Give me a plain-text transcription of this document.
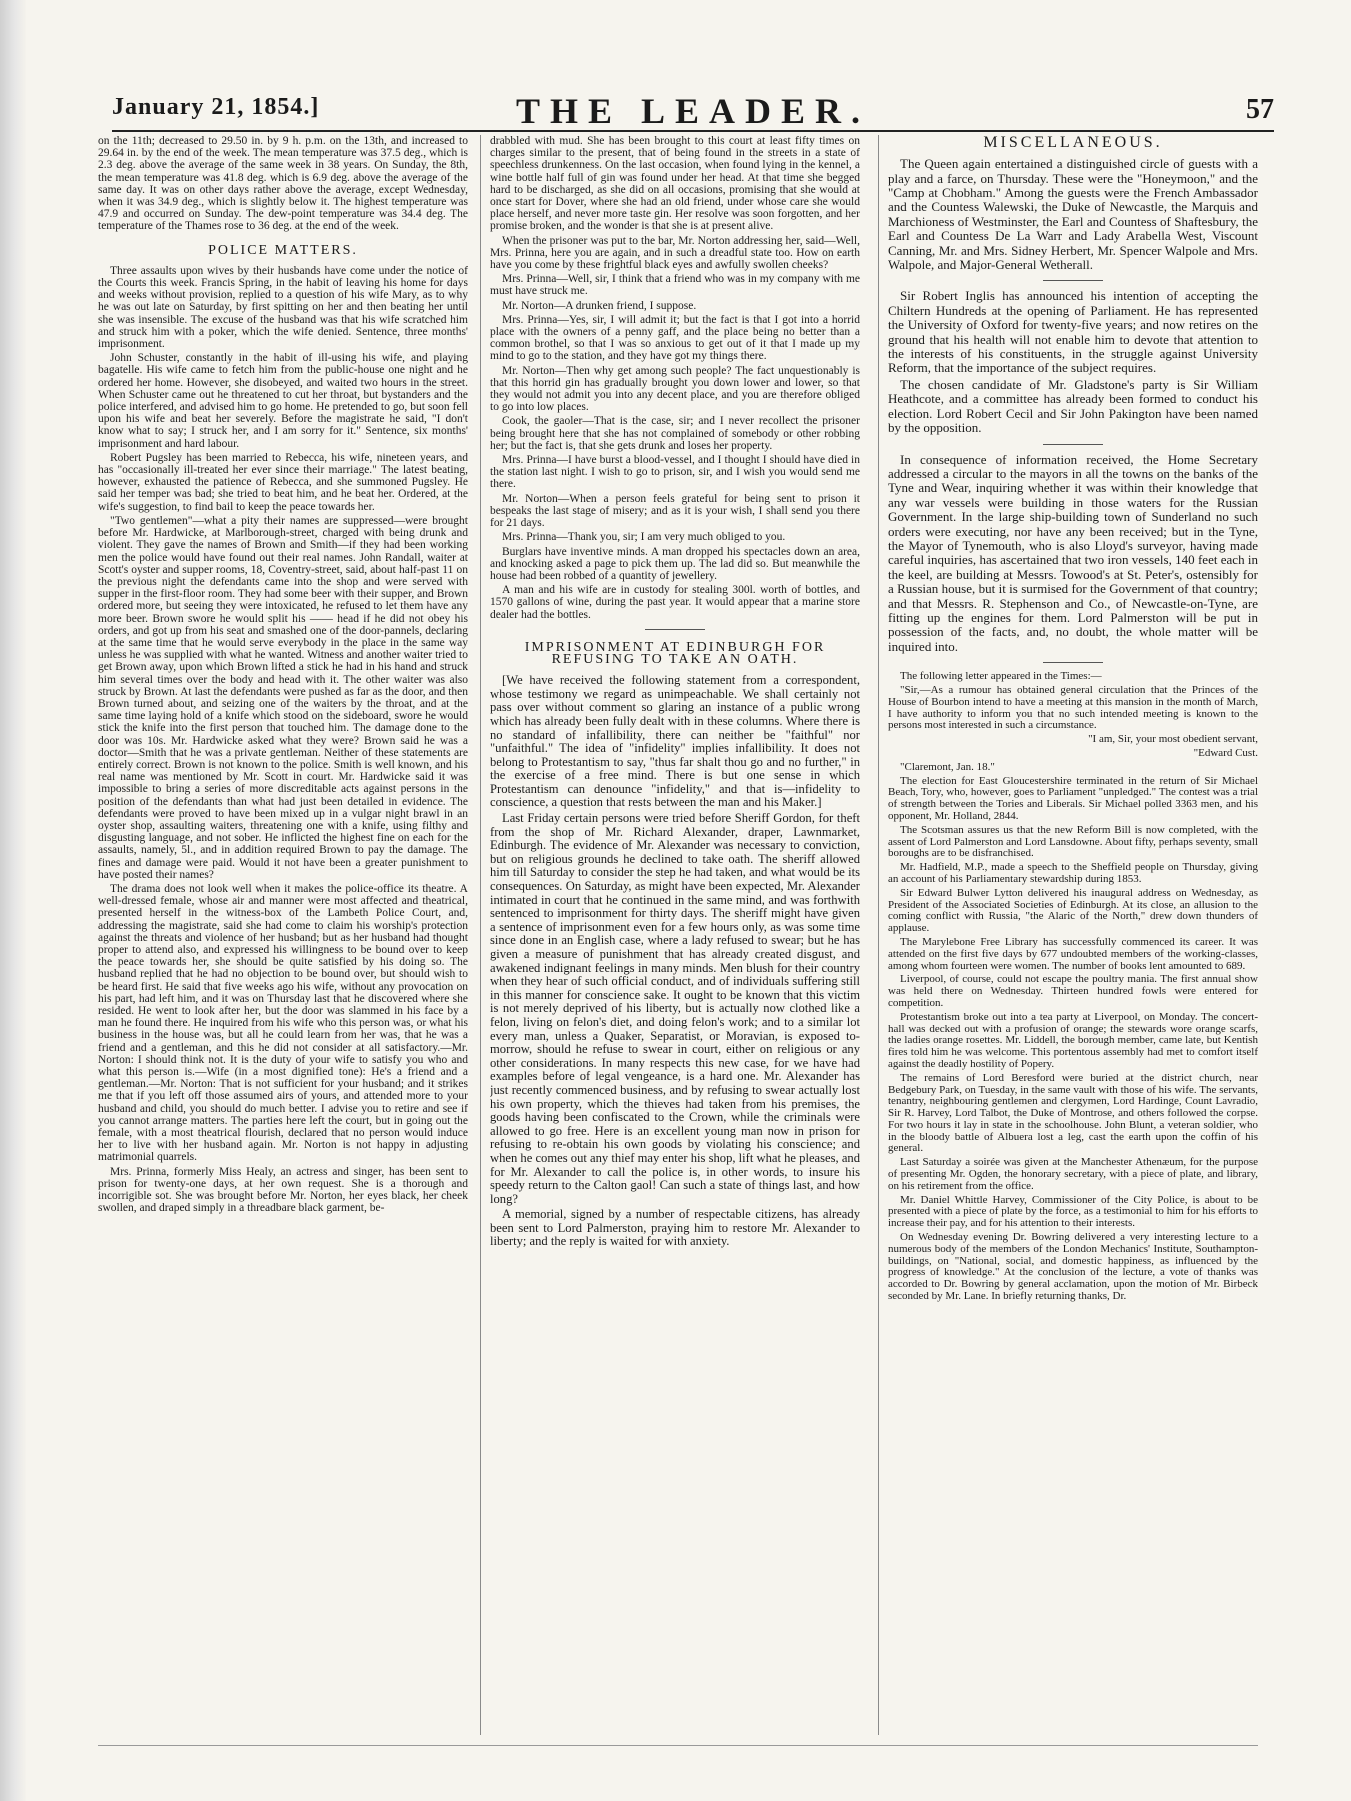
January 21, 1854.]	THE LEADER.	57

on the 11th; decreased to 29.50 in. by 9 h. p.m. on the 13th, and increased to 29.64 in. by the end of the week. The mean temperature was 37.5 deg., which is 2.3 deg. above the average of the same week in 38 years. On Sunday, the 8th, the mean temperature was 41.8 deg. which is 6.9 deg. above the average of the same day. It was on other days rather above the average, except Wednesday, when it was 34.9 deg., which is slightly below it. The highest temperature was 47.9 and occurred on Sunday. The dew-point temperature was 34.4 deg. The temperature of the Thames rose to 36 deg. at the end of the week.

POLICE MATTERS.

Three assaults upon wives by their husbands have come under the notice of the Courts this week. Francis Spring, in the habit of leaving his home for days and weeks without provision, replied to a question of his wife Mary, as to why he was out late on Saturday, by first spitting on her and then beating her until she was insensible. The excuse of the husband was that his wife scratched him and struck him with a poker, which the wife denied. Sentence, three months' imprisonment.

John Schuster, constantly in the habit of ill-using his wife, and playing bagatelle. His wife came to fetch him from the public-house one night and he ordered her home. However, she disobeyed, and waited two hours in the street. When Schuster came out he threatened to cut her throat, but bystanders and the police interfered, and advised him to go home. He pretended to go, but soon fell upon his wife and beat her severely. Before the magistrate he said, "I don't know what to say; I struck her, and I am sorry for it." Sentence, six months' imprisonment and hard labour.

Robert Pugsley has been married to Rebecca, his wife, nineteen years, and has "occasionally ill-treated her ever since their marriage." The latest beating, however, exhausted the patience of Rebecca, and she summoned Pugsley. He said her temper was bad; she tried to beat him, and he beat her. Ordered, at the wife's suggestion, to find bail to keep the peace towards her.

"Two gentlemen"—what a pity their names are suppressed—were brought before Mr. Hardwicke, at Marlborough-street, charged with being drunk and violent. They gave the names of Brown and Smith—if they had been working men the police would have found out their real names. John Randall, waiter at Scott's oyster and supper rooms, 18, Coventry-street, said, about half-past 11 on the previous night the defendants came into the shop and were served with supper in the first-floor room. They had some beer with their supper, and Brown ordered more, but seeing they were intoxicated, he refused to let them have any more beer. Brown swore he would split his —— head if he did not obey his orders, and got up from his seat and smashed one of the door-pannels, declaring at the same time that he would serve everybody in the place in the same way unless he was supplied with what he wanted. Witness and another waiter tried to get Brown away, upon which Brown lifted a stick he had in his hand and struck him several times over the body and head with it. The other waiter was also struck by Brown. At last the defendants were pushed as far as the door, and then Brown turned about, and seizing one of the waiters by the throat, and at the same time laying hold of a knife which stood on the sideboard, swore he would stick the knife into the first person that touched him. The damage done to the door was 10s. Mr. Hardwicke asked what they were? Brown said he was a doctor—Smith that he was a private gentleman. Neither of these statements are entirely correct. Brown is not known to the police. Smith is well known, and his real name was mentioned by Mr. Scott in court. Mr. Hardwicke said it was impossible to bring a series of more discreditable acts against persons in the position of the defendants than what had just been detailed in evidence. The defendants were proved to have been mixed up in a vulgar night brawl in an oyster shop, assaulting waiters, threatening one with a knife, using filthy and disgusting language, and not sober. He inflicted the highest fine on each for the assaults, namely, 5l., and in addition required Brown to pay the damage. The fines and damage were paid. Would it not have been a greater punishment to have posted their names?

The drama does not look well when it makes the police-office its theatre. A well-dressed female, whose air and manner were most affected and theatrical, presented herself in the witness-box of the Lambeth Police Court, and, addressing the magistrate, said she had come to claim his worship's protection against the threats and violence of her husband; but as her husband had thought proper to attend also, and expressed his willingness to be bound over to keep the peace towards her, she should be quite satisfied by his doing so. The husband replied that he had no objection to be bound over, but should wish to be heard first. He said that five weeks ago his wife, without any provocation on his part, had left him, and it was on Thursday last that he discovered where she resided. He went to look after her, but the door was slammed in his face by a man he found there. He inquired from his wife who this person was, or what his business in the house was, but all he could learn from her was, that he was a friend and a gentleman, and this he did not consider at all satisfactory.—Mr. Norton: I should think not. It is the duty of your wife to satisfy you who and what this person is.—Wife (in a most dignified tone): He's a friend and a gentleman.—Mr. Norton: That is not sufficient for your husband; and it strikes me that if you left off those assumed airs of yours, and attended more to your husband and child, you should do much better. I advise you to retire and see if you cannot arrange matters. The parties here left the court, but in going out the female, with a most theatrical flourish, declared that no person would induce her to live with her husband again. Mr. Norton is not happy in adjusting matrimonial quarrels.

Mrs. Prinna, formerly Miss Healy, an actress and singer, has been sent to prison for twenty-one days, at her own request. She is a thorough and incorrigible sot. She was brought before Mr. Norton, her eyes black, her cheek swollen, and draped simply in a threadbare black garment, be-

drabbled with mud. She has been brought to this court at least fifty times on charges similar to the present, that of being found in the streets in a state of speechless drunkenness. On the last occasion, when found lying in the kennel, a wine bottle half full of gin was found under her head. At that time she begged hard to be discharged, as she did on all occasions, promising that she would at once start for Dover, where she had an old friend, under whose care she would place herself, and never more taste gin. Her resolve was soon forgotten, and her promise broken, and the wonder is that she is at present alive.

When the prisoner was put to the bar, Mr. Norton addressing her, said—Well, Mrs. Prinna, here you are again, and in such a dreadful state too. How on earth have you come by these frightful black eyes and awfully swollen cheeks?

Mrs. Prinna—Well, sir, I think that a friend who was in my company with me must have struck me.

Mr. Norton—A drunken friend, I suppose.

Mrs. Prinna—Yes, sir, I will admit it; but the fact is that I got into a horrid place with the owners of a penny gaff, and the place being no better than a common brothel, so that I was so anxious to get out of it that I made up my mind to go to the station, and they have got my things there.

Mr. Norton—Then why get among such people? The fact unquestionably is that this horrid gin has gradually brought you down lower and lower, so that they would not admit you into any decent place, and you are therefore obliged to go into low places.

Cook, the gaoler—That is the case, sir; and I never recollect the prisoner being brought here that she has not complained of somebody or other robbing her; but the fact is, that she gets drunk and loses her property.

Mrs. Prinna—I have burst a blood-vessel, and I thought I should have died in the station last night. I wish to go to prison, sir, and I wish you would send me there.

Mr. Norton—When a person feels grateful for being sent to prison it bespeaks the last stage of misery; and as it is your wish, I shall send you there for 21 days.

Mrs. Prinna—Thank you, sir; I am very much obliged to you.

Burglars have inventive minds. A man dropped his spectacles down an area, and knocking asked a page to pick them up. The lad did so. But meanwhile the house had been robbed of a quantity of jewellery.

A man and his wife are in custody for stealing 300l. worth of bottles, and 1570 gallons of wine, during the past year. It would appear that a marine store dealer had the bottles.

IMPRISONMENT AT EDINBURGH FOR REFUSING TO TAKE AN OATH.

[We have received the following statement from a correspondent, whose testimony we regard as unimpeachable. We shall certainly not pass over without comment so glaring an instance of a public wrong which has already been fully dealt with in these columns. Where there is no standard of infallibility, there can neither be "faithful" nor "unfaithful." The idea of "infidelity" implies infallibility. It does not belong to Protestantism to say, "thus far shalt thou go and no further," in the exercise of a free mind. There is but one sense in which Protestantism can denounce "infidelity," and that is—infidelity to conscience, a question that rests between the man and his Maker.]

Last Friday certain persons were tried before Sheriff Gordon, for theft from the shop of Mr. Richard Alexander, draper, Lawnmarket, Edinburgh. The evidence of Mr. Alexander was necessary to conviction, but on religious grounds he declined to take oath. The sheriff allowed him till Saturday to consider the step he had taken, and what would be its consequences. On Saturday, as might have been expected, Mr. Alexander intimated in court that he continued in the same mind, and was forthwith sentenced to imprisonment for thirty days. The sheriff might have given a sentence of imprisonment even for a few hours only, as was some time since done in an English case, where a lady refused to swear; but he has given a measure of punishment that has already created disgust, and awakened indignant feelings in many minds. Men blush for their country when they hear of such official conduct, and of individuals suffering still in this manner for conscience sake. It ought to be known that this victim is not merely deprived of his liberty, but is actually now clothed like a felon, living on felon's diet, and doing felon's work; and to a similar lot every man, unless a Quaker, Separatist, or Moravian, is exposed to-morrow, should he refuse to swear in court, either on religious or any other considerations. In many respects this new case, for we have had examples before of legal vengeance, is a hard one. Mr. Alexander has just recently commenced business, and by refusing to swear actually lost his own property, which the thieves had taken from his premises, the goods having been confiscated to the Crown, while the criminals were allowed to go free. Here is an excellent young man now in prison for refusing to re-obtain his own goods by violating his conscience; and when he comes out any thief may enter his shop, lift what he pleases, and for Mr. Alexander to call the police is, in other words, to insure his speedy return to the Calton gaol! Can such a state of things last, and how long?

A memorial, signed by a number of respectable citizens, has already been sent to Lord Palmerston, praying him to restore Mr. Alexander to liberty; and the reply is waited for with anxiety.

MISCELLANEOUS.

The Queen again entertained a distinguished circle of guests with a play and a farce, on Thursday. These were the "Honeymoon," and the "Camp at Chobham." Among the guests were the French Ambassador and the Countess Walewski, the Duke of Newcastle, the Marquis and Marchioness of Westminster, the Earl and Countess of Shaftesbury, the Earl and Countess De La Warr and Lady Arabella West, Viscount Canning, Mr. and Mrs. Sidney Herbert, Mr. Spencer Walpole and Mrs. Walpole, and Major-General Wetherall.

Sir Robert Inglis has announced his intention of accepting the Chiltern Hundreds at the opening of Parliament. He has represented the University of Oxford for twenty-five years; and now retires on the ground that his health will not enable him to devote that attention to the interests of his constituents, in the struggle against University Reform, that the importance of the subject requires.

The chosen candidate of Mr. Gladstone's party is Sir William Heathcote, and a committee has already been formed to conduct his election. Lord Robert Cecil and Sir John Pakington have been named by the opposition.

In consequence of information received, the Home Secretary addressed a circular to the mayors in all the towns on the banks of the Tyne and Wear, inquiring whether it was within their knowledge that any war vessels were building in those waters for the Russian Government. In the large ship-building town of Sunderland no such orders were executing, nor have any been received; but in the Tyne, the Mayor of Tynemouth, who is also Lloyd's surveyor, having made careful inquiries, has ascertained that two iron vessels, 140 feet each in the keel, are building at Messrs. Towood's at St. Peter's, ostensibly for a Russian house, but it is surmised for the Government of that country; and that Messrs. R. Stephenson and Co., of Newcastle-on-Tyne, are fitting up the engines for them. Lord Palmerston will be put in possession of the facts, and, no doubt, the whole matter will be inquired into.

The following letter appeared in the Times:—

"Sir,—As a rumour has obtained general circulation that the Princes of the House of Bourbon intend to have a meeting at this mansion in the month of March, I have authority to inform you that no such intended meeting is known to the persons most interested in such a circumstance.

"I am, Sir, your most obedient servant,

"Edward Cust.

"Claremont, Jan. 18."

The election for East Gloucestershire terminated in the return of Sir Michael Beach, Tory, who, however, goes to Parliament "unpledged." The contest was a trial of strength between the Tories and Liberals. Sir Michael polled 3363 men, and his opponent, Mr. Holland, 2844.

The Scotsman assures us that the new Reform Bill is now completed, with the assent of Lord Palmerston and Lord Lansdowne. About fifty, perhaps seventy, small boroughs are to be disfranchised.

Mr. Hadfield, M.P., made a speech to the Sheffield people on Thursday, giving an account of his Parliamentary stewardship during 1853.

Sir Edward Bulwer Lytton delivered his inaugural address on Wednesday, as President of the Associated Societies of Edinburgh. At its close, an allusion to the coming conflict with Russia, "the Alaric of the North," drew down thunders of applause.

The Marylebone Free Library has successfully commenced its career. It was attended on the first five days by 677 undoubted members of the working-classes, among whom fourteen were women. The number of books lent amounted to 689.

Liverpool, of course, could not escape the poultry mania. The first annual show was held there on Wednesday. Thirteen hundred fowls were entered for competition.

Protestantism broke out into a tea party at Liverpool, on Monday. The concert-hall was decked out with a profusion of orange; the stewards wore orange scarfs, the ladies orange rosettes. Mr. Liddell, the borough member, came late, but Kentish fires told him he was welcome. This portentous assembly had met to comfort itself against the deadly hostility of Popery.

The remains of Lord Beresford were buried at the district church, near Bedgebury Park, on Tuesday, in the same vault with those of his wife. The servants, tenantry, neighbouring gentlemen and clergymen, Lord Hardinge, Count Lavradio, Sir R. Harvey, Lord Talbot, the Duke of Montrose, and others followed the corpse. For two hours it lay in state in the schoolhouse. John Blunt, a veteran soldier, who in the bloody battle of Albuera lost a leg, cast the earth upon the coffin of his general.

Last Saturday a soirée was given at the Manchester Athenæum, for the purpose of presenting Mr. Ogden, the honorary secretary, with a piece of plate, and library, on his retirement from the office.

Mr. Daniel Whittle Harvey, Commissioner of the City Police, is about to be presented with a piece of plate by the force, as a testimonial to him for his efforts to increase their pay, and for his attention to their interests.

On Wednesday evening Dr. Bowring delivered a very interesting lecture to a numerous body of the members of the London Mechanics' Institute, Southampton-buildings, on "National, social, and domestic happiness, as influenced by the progress of knowledge." At the conclusion of the lecture, a vote of thanks was accorded to Dr. Bowring by general acclamation, upon the motion of Mr. Birbeck seconded by Mr. Lane. In briefly returning thanks, Dr.
